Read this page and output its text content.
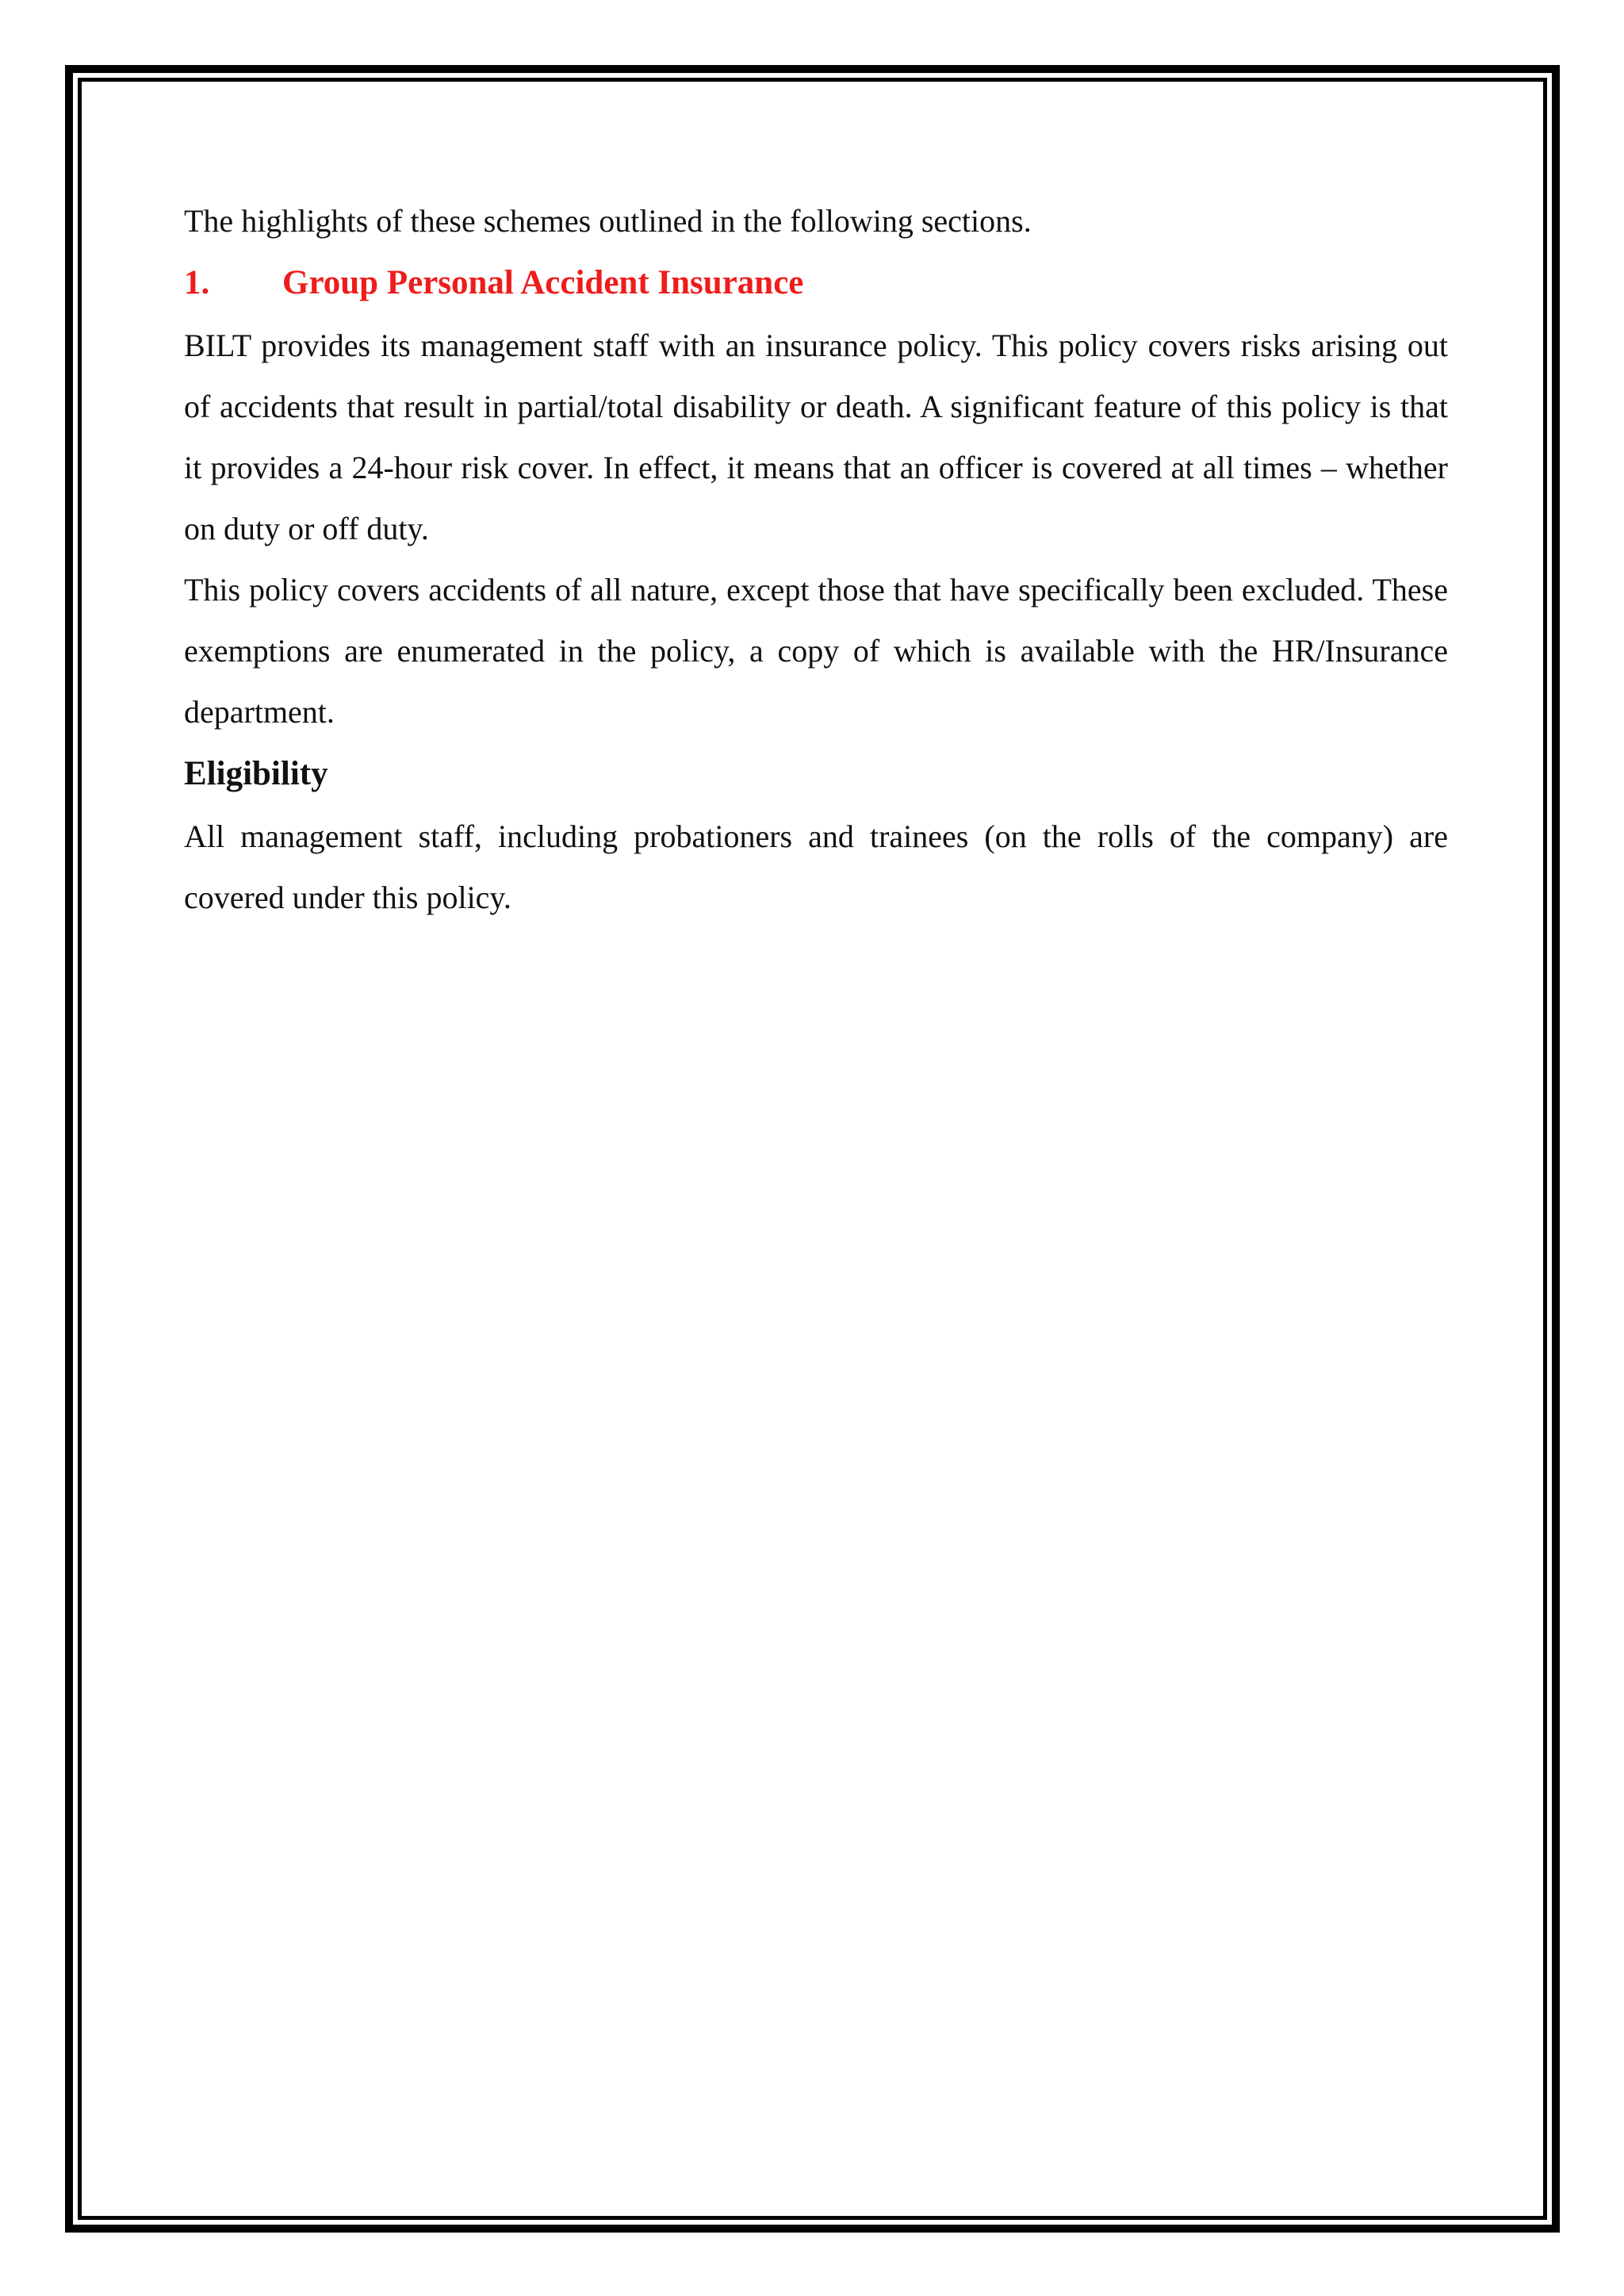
The highlights of these schemes outlined in the following sections.

1.	Group Personal Accident Insurance

BILT provides its management staff with an insurance policy. This policy covers risks arising out of accidents that result in partial/total disability or death. A significant feature of this policy is that it provides a 24-hour risk cover. In effect, it means that an officer is covered at all times – whether on duty or off duty.

This policy covers accidents of all nature, except those that have specifically been excluded. These exemptions are enumerated in the policy, a copy of which is available with the HR/Insurance department.

Eligibility

All management staff, including probationers and trainees (on the rolls of the company) are covered under this policy.
